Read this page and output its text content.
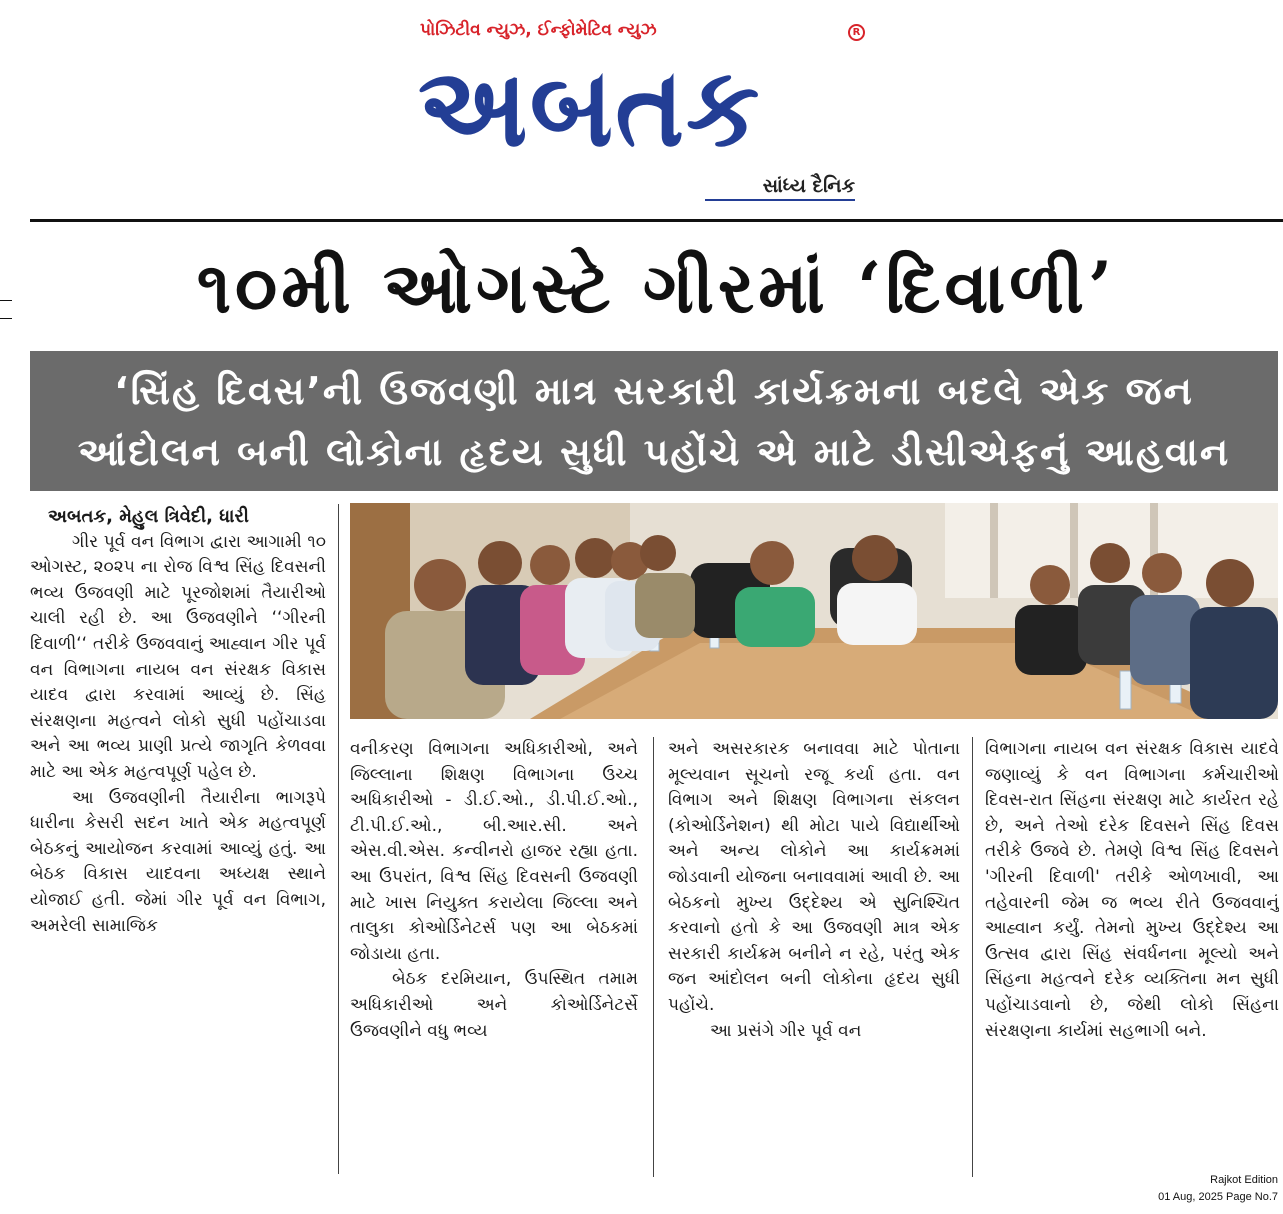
પોઝિટીવ ન્યુઝ, ઈન્ફોમેટિવ ન્યુઝ	R
અબતક
સાંધ્ય દૈનિક
૧૦મી ઓગસ્ટે ગીરમાં ‘દિવાળી’
‘સિંહ દિવસ’ની ઉજવણી માત્ર સરકારી કાર્યક્રમના બદલે એક જન
આંદોલન બની લોકોના હૃદય સુધી પહોંચે એ માટે ડીસીએફનું આહવાન

અબતક, મેહુલ ત્રિવેદી, ધારી

ગીર પૂર્વ વન વિભાગ દ્વારા આગામી ૧૦ ઓગસ્ટ, ૨૦૨૫ ના રોજ વિશ્વ સિંહ દિવસની ભવ્ય ઉજવણી માટે પૂરજોશમાં તૈયારીઓ ચાલી રહી છે. આ ઉજવણીને ‘‘ગીરની દિવાળી‘‘ તરીકે ઉજવવાનું આહ્વાન ગીર પૂર્વ વન વિભાગના નાયબ વન સંરક્ષક વિકાસ યાદવ દ્વારા કરવામાં આવ્યું છે. સિંહ સંરક્ષણના મહત્વને લોકો સુધી પહોંચાડવા અને આ ભવ્ય પ્રાણી પ્રત્યે જાગૃતિ કેળવવા માટે આ એક મહત્વપૂર્ણ પહેલ છે.

આ ઉજવણીની તૈયારીના ભાગરૂપે ધારીના કેસરી સદન ખાતે એક મહત્વપૂર્ણ બેઠકનું આયોજન કરવામાં આવ્યું હતું. આ બેઠક વિકાસ યાદવના અધ્યક્ષ સ્થાને યોજાઈ હતી. જેમાં ગીર પૂર્વ વન વિભાગ, અમરેલી સામાજિક

વનીકરણ વિભાગના અધિકારીઓ, અને જિલ્લાના શિક્ષણ વિભાગના ઉચ્ચ અધિકારીઓ - ડી.ઈ.ઓ., ડી.પી.ઈ.ઓ., ટી.પી.ઈ.ઓ., બી.આર.સી. અને એસ.વી.એસ. કન્વીનરો હાજર રહ્યા હતા. આ ઉપરાંત, વિશ્વ સિંહ દિવસની ઉજવણી માટે ખાસ નિયુક્ત કરાયેલા જિલ્લા અને તાલુકા કોઓર્ડિનેટર્સ પણ આ બેઠકમાં જોડાયા હતા.

બેઠક દરમિયાન, ઉપસ્થિત તમામ અધિકારીઓ અને કોઓર્ડિનેટર્સે ઉજવણીને વધુ ભવ્ય

અને અસરકારક બનાવવા માટે પોતાના મૂલ્યવાન સૂચનો રજૂ કર્યા હતા. વન વિભાગ અને શિક્ષણ વિભાગના સંકલન (કોઓર્ડિનેશન) થી મોટા પાયે વિદ્યાર્થીઓ અને અન્ય લોકોને આ કાર્યક્રમમાં જોડવાની યોજના બનાવવામાં આવી છે. આ બેઠકનો મુખ્ય ઉદ્દેશ્ય એ સુનિશ્ચિત કરવાનો હતો કે આ ઉજવણી માત્ર એક સરકારી કાર્યક્રમ બનીને ન રહે, પરંતુ એક જન આંદોલન બની લોકોના હૃદય સુધી પહોંચે.

આ પ્રસંગે ગીર પૂર્વ વન

વિભાગના નાયબ વન સંરક્ષક વિકાસ યાદવે જણાવ્યું કે વન વિભાગના કર્મચારીઓ દિવસ-રાત સિંહના સંરક્ષણ માટે કાર્યરત રહે છે, અને તેઓ દરેક દિવસને સિંહ દિવસ તરીકે ઉજવે છે. તેમણે વિશ્વ સિંહ દિવસને 'ગીરની દિવાળી' તરીકે ઓળખાવી, આ તહેવારની જેમ જ ભવ્ય રીતે ઉજવવાનું આહ્વાન કર્યું. તેમનો મુખ્ય ઉદ્દેશ્ય આ ઉત્સવ દ્વારા સિંહ સંવર્ધનના મૂલ્યો અને સિંહના મહત્વને દરેક વ્યક્તિના મન સુધી પહોંચાડવાનો છે, જેથી લોકો સિંહના સંરક્ષણના કાર્યમાં સહભાગી બને.

Rajkot Edition
01 Aug, 2025 Page No.7
